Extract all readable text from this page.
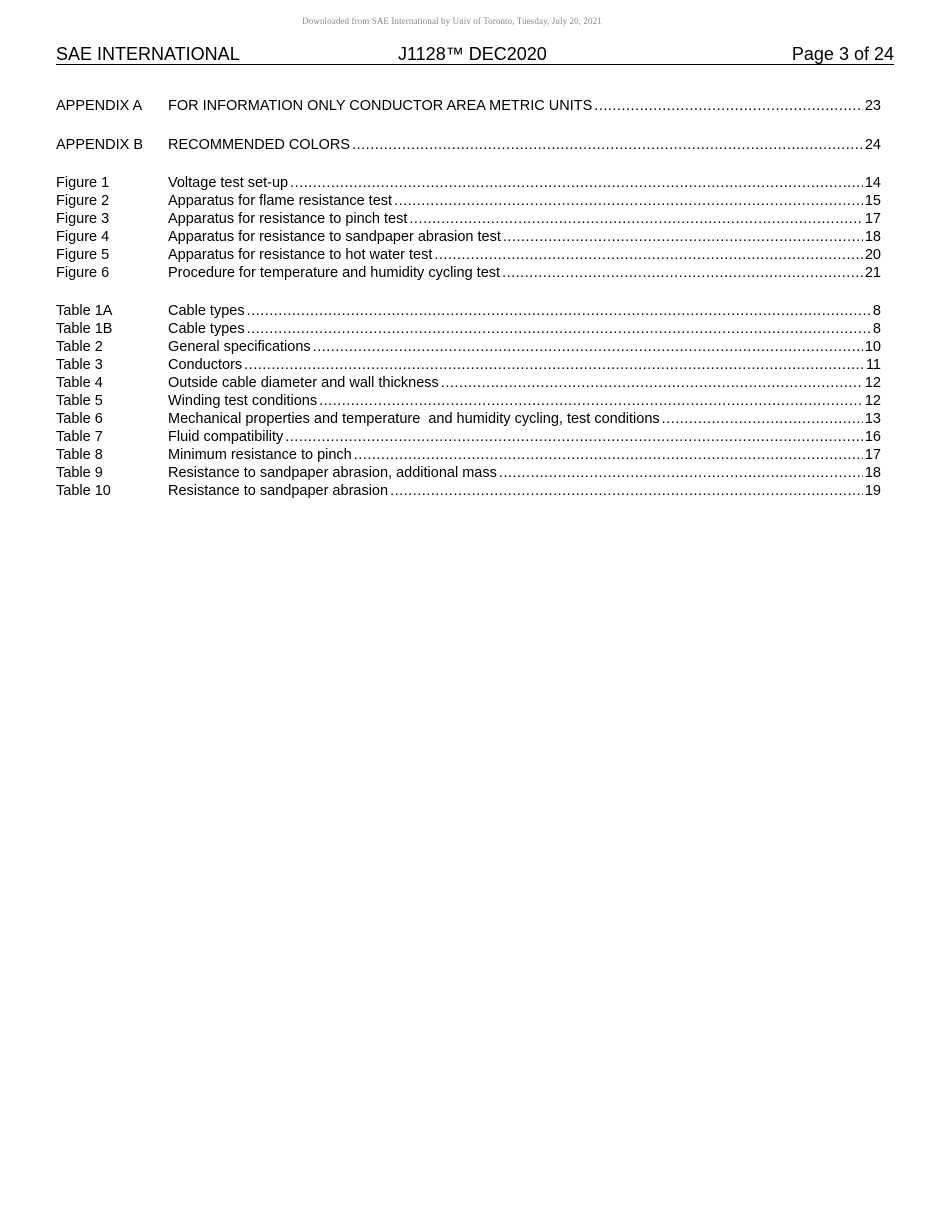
Downloaded from SAE International by Univ of Toronto, Tuesday, July 20, 2021
SAE INTERNATIONAL	J1128™ DEC2020	Page 3 of 24
APPENDIX A	FOR INFORMATION ONLY CONDUCTOR AREA METRIC UNITS .....	23
APPENDIX B	RECOMMENDED COLORS .....	24
Figure 1	Voltage test set-up .....	14
Figure 2	Apparatus for flame resistance test .....	15
Figure 3	Apparatus for resistance to pinch test .....	17
Figure 4	Apparatus for resistance to sandpaper abrasion test .....	18
Figure 5	Apparatus for resistance to hot water test .....	20
Figure 6	Procedure for temperature and humidity cycling test .....	21
Table 1A	Cable types .....	8
Table 1B	Cable types .....	8
Table 2	General specifications .....	10
Table 3	Conductors .....	11
Table 4	Outside cable diameter and wall thickness .....	12
Table 5	Winding test conditions .....	12
Table 6	Mechanical properties and temperature  and humidity cycling, test conditions .....	13
Table 7	Fluid compatibility .....	16
Table 8	Minimum resistance to pinch .....	17
Table 9	Resistance to sandpaper abrasion, additional mass .....	18
Table 10	Resistance to sandpaper abrasion .....	19
